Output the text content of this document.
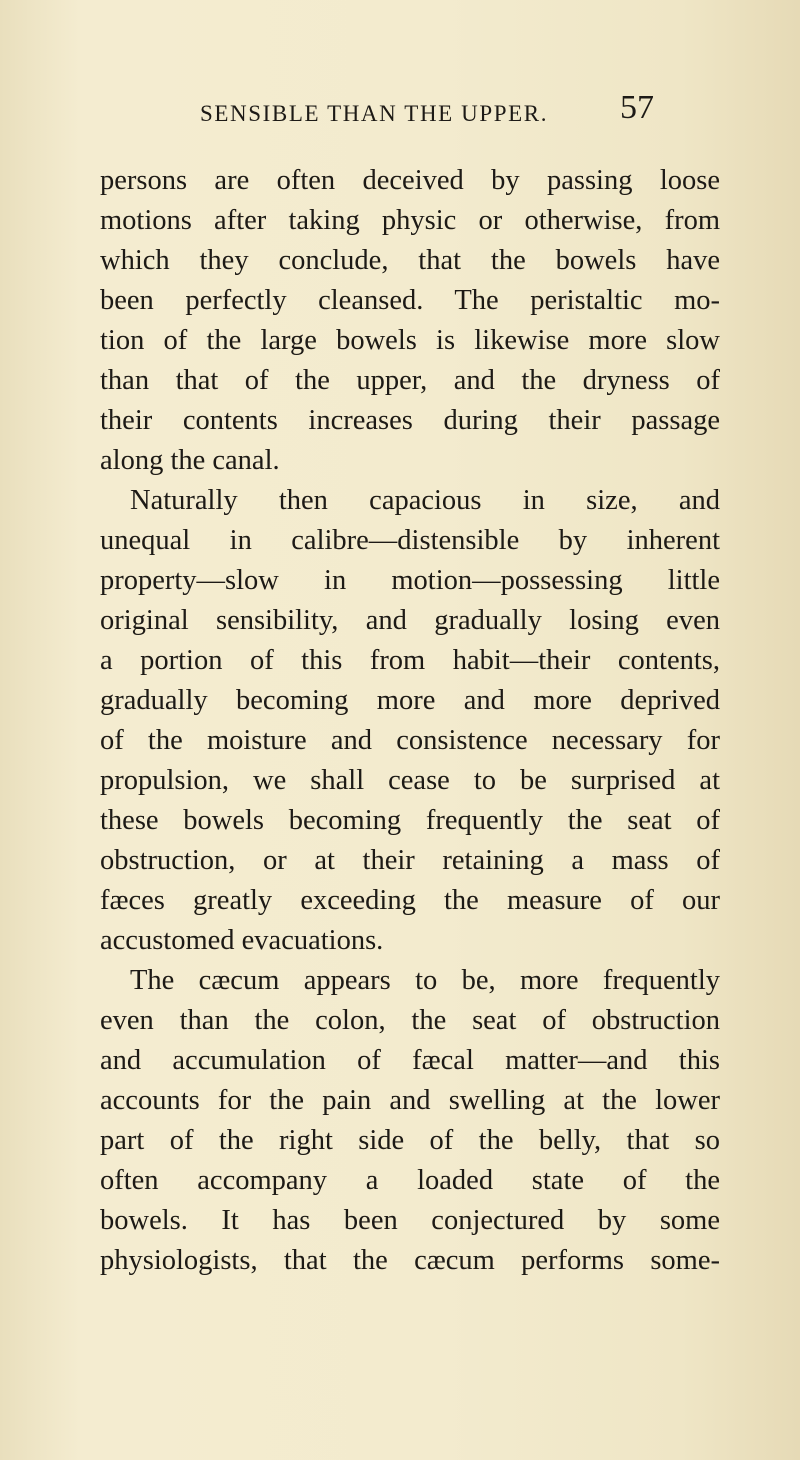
SENSIBLE THAN THE UPPER. 57
persons are often deceived by passing loose
motions after taking physic or otherwise, from
which they conclude, that the bowels have
been perfectly cleansed. The peristaltic mo-
tion of the large bowels is likewise more slow
than that of the upper, and the dryness of
their contents increases during their passage
along the canal.
Naturally then capacious in size, and
unequal in calibre—distensible by inherent
property—slow in motion—possessing little
original sensibility, and gradually losing even
a portion of this from habit—their contents,
gradually becoming more and more deprived
of the moisture and consistence necessary for
propulsion, we shall cease to be surprised at
these bowels becoming frequently the seat of
obstruction, or at their retaining a mass of
fæces greatly exceeding the measure of our
accustomed evacuations.
The cæcum appears to be, more frequently
even than the colon, the seat of obstruction
and accumulation of fæcal matter—and this
accounts for the pain and swelling at the lower
part of the right side of the belly, that so
often accompany a loaded state of the
bowels. It has been conjectured by some
physiologists, that the cæcum performs some-
